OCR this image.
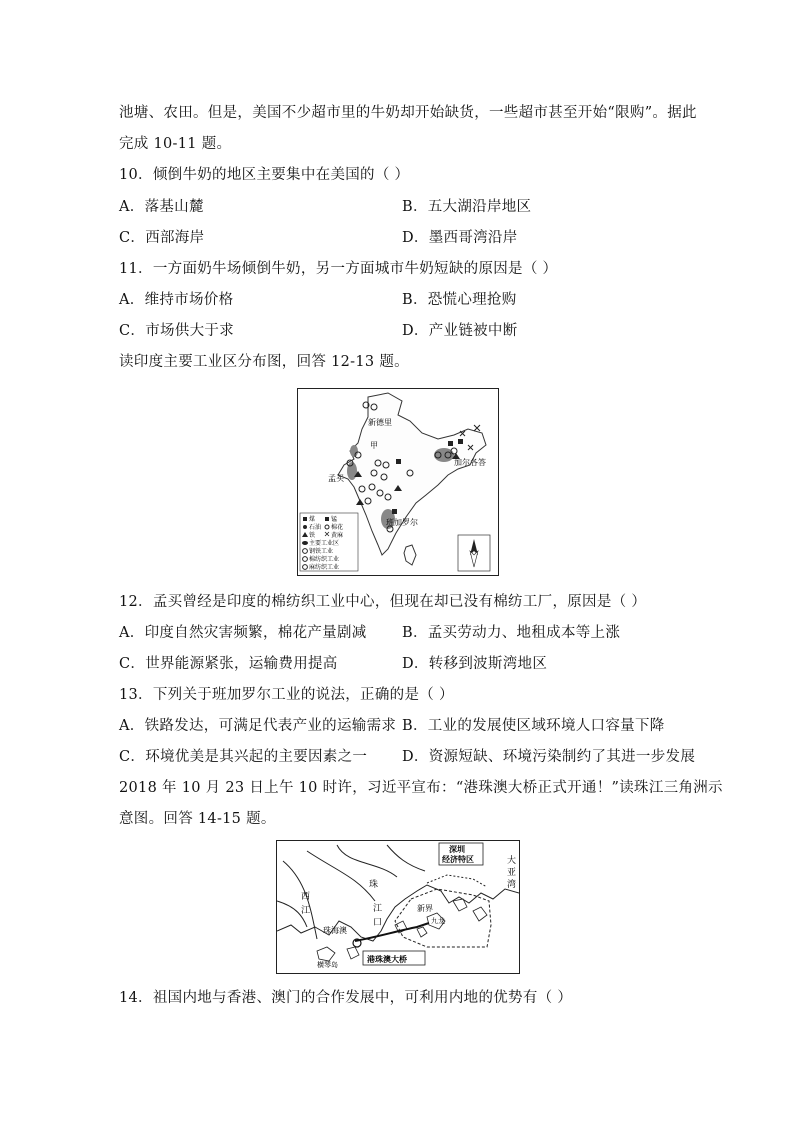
池塘、农田。但是，美国不少超市里的牛奶却开始缺货，一些超市甚至开始“限购”。据此
完成 10-11 题。
10．倾倒牛奶的地区主要集中在美国的（ ）
A．落基山麓	B．五大湖沿岸地区
C．西部海岸	D．墨西哥湾沿岸
11．一方面奶牛场倾倒牛奶，另一方面城市牛奶短缺的原因是（ ）
A．维持市场价格	B．恐慌心理抢购
C．市场供大于求	D．产业链被中断
读印度主要工业区分布图，回答 12-13 题。
新德里
甲
孟买
加尔各答
班加罗尔
煤	锰
石油 棉花
铁	黄麻
主要工业区
钢铁工业
棉纺织工业
麻纺织工业
12．孟买曾经是印度的棉纺织工业中心，但现在却已没有棉纺工厂，原因是（ ）
A．印度自然灾害频繁，棉花产量剧减 B．孟买劳动力、地租成本等上涨
C．世界能源紧张，运输费用提高	D．转移到波斯湾地区
13．下列关于班加罗尔工业的说法，正确的是（ ）
A．铁路发达，可满足代表产业的运输需求 B．工业的发展使区域环境人口容量下降
C．环境优美是其兴起的主要因素之一 D．资源短缺、环境污染制约了其进一步发展
2018 年 10 月 23 日上午 10 时许，习近平宣布：“港珠澳大桥正式开通！”读珠江三角洲示
意图。回答 14-15 题。
深圳
经济特区
西
江
珠
江
口
新界
九龙
珠海 澳
横琴岛
港珠澳大桥
大
亚
湾
14．祖国内地与香港、澳门的合作发展中，可利用内地的优势有（ ）
